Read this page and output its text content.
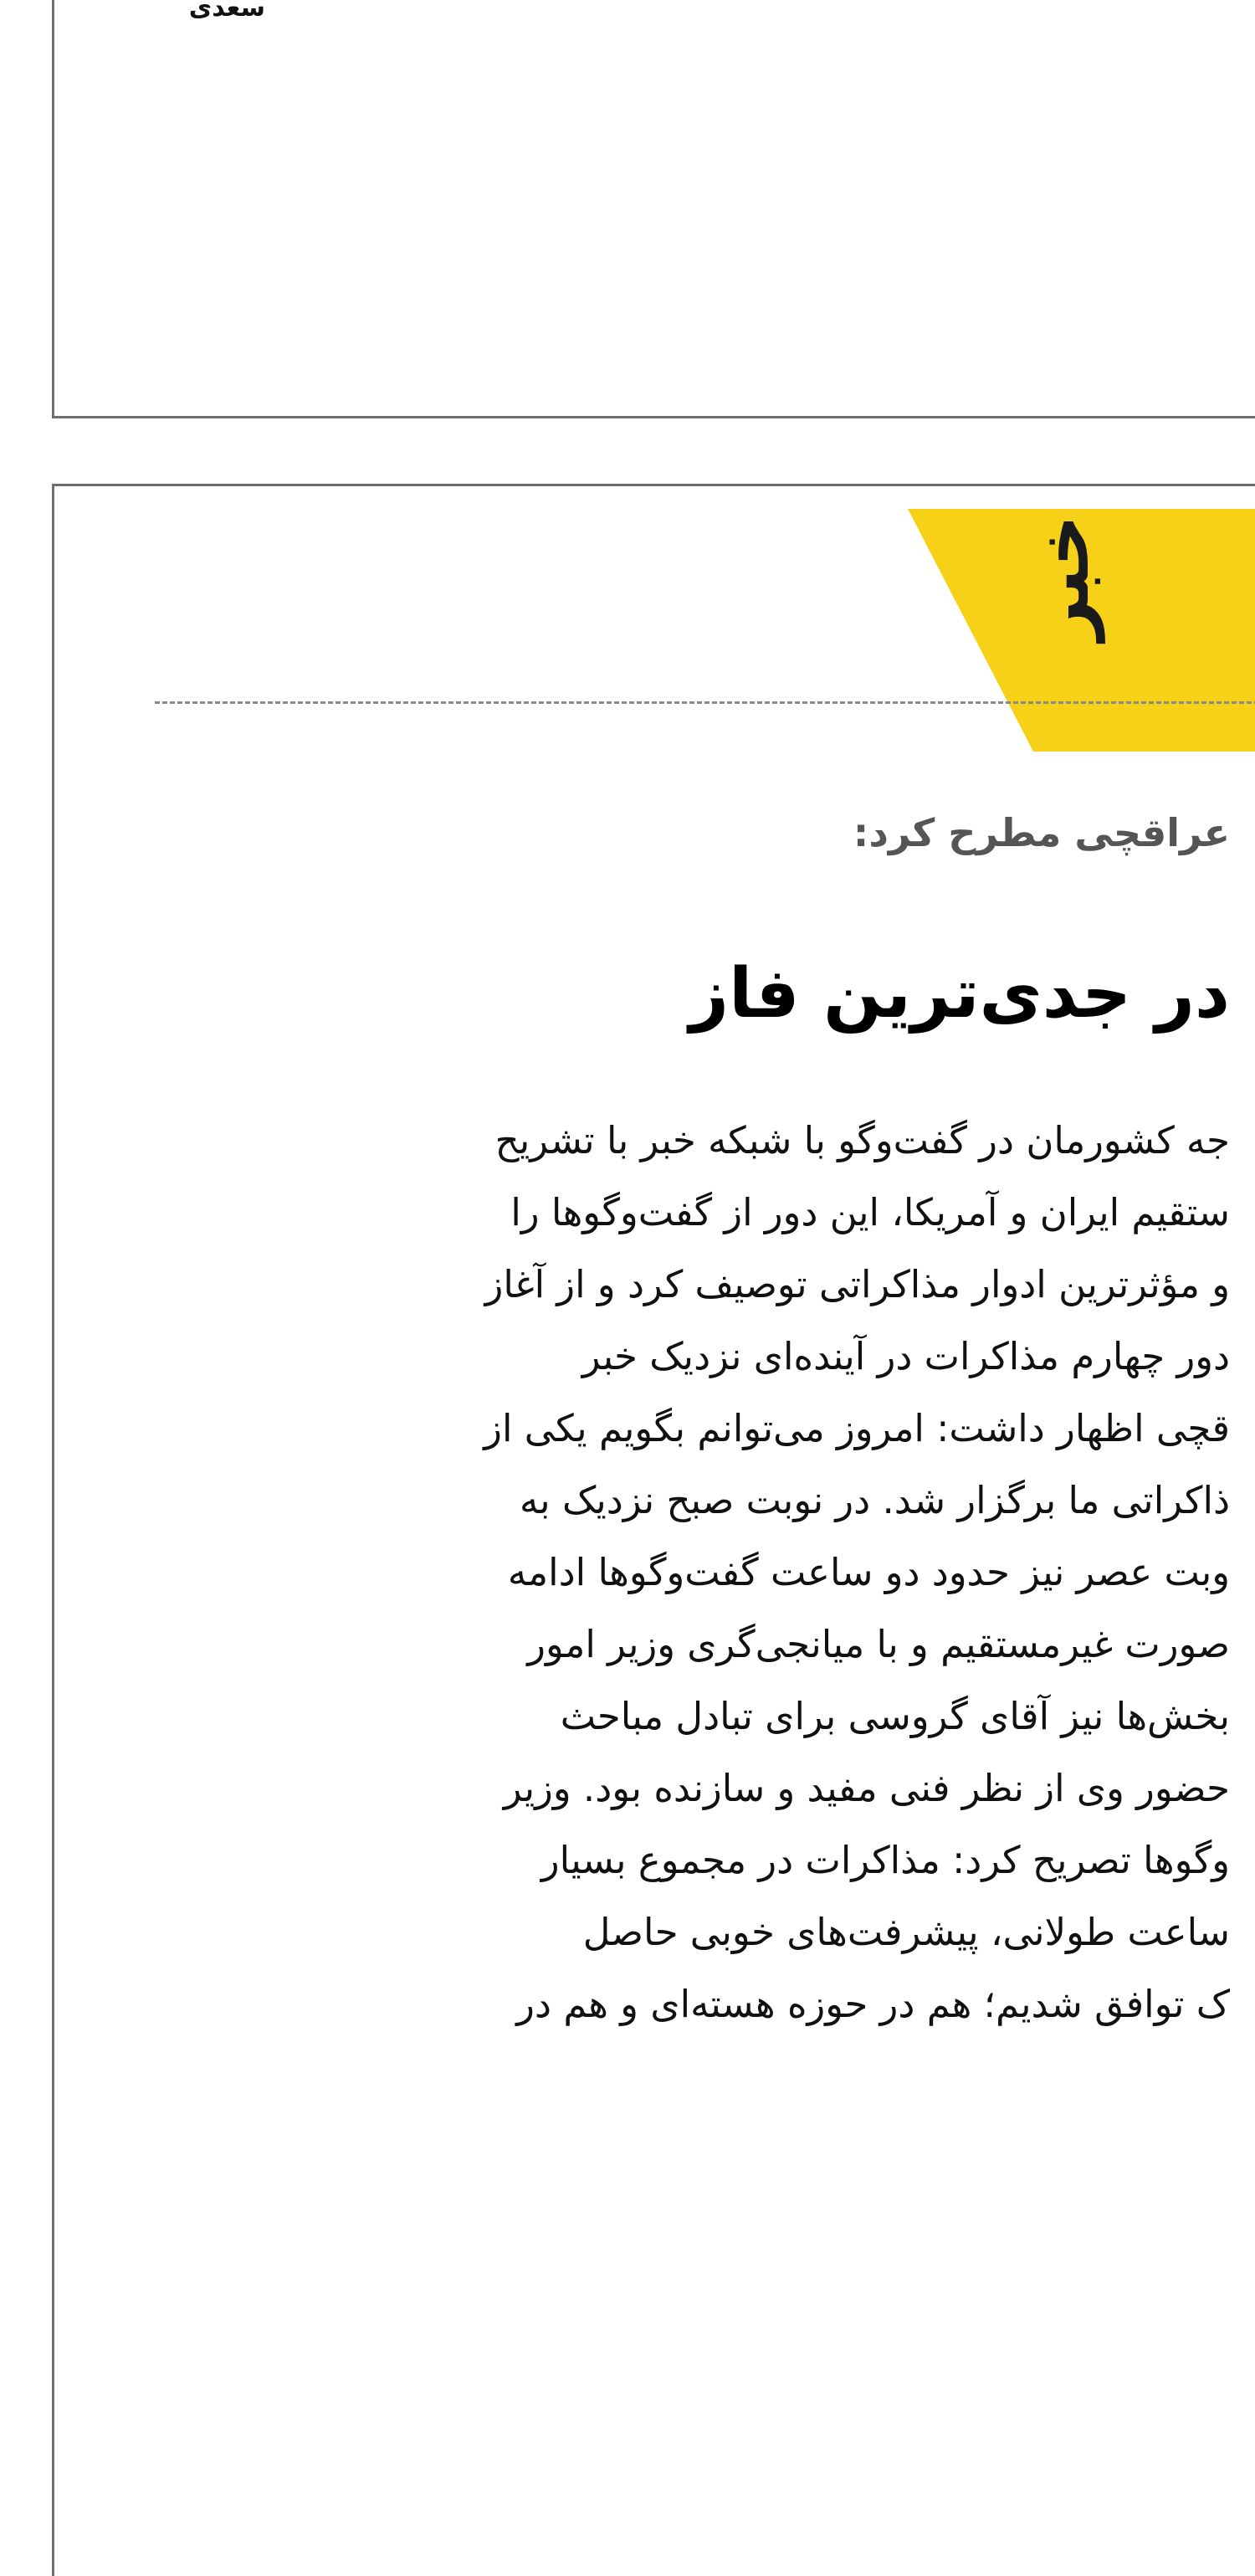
سعدی
خبر
عراقچی مطرح کرد:
در جدی‌ترین فاز
جه کشورمان در گفت‌وگو با شبکه خبر با تشریح
ستقیم ایران و آمریکا، این دور از گفت‌وگوها را
و مؤثرترین ادوار مذاکراتی توصیف کرد و از آغاز
دور چهارم مذاکرات در آینده‌ای نزدیک خبر
قچی اظهار داشت: امروز می‌توانم بگویم یکی از
ذاکراتی ما برگزار شد. در نوبت صبح نزدیک به
وبت عصر نیز حدود دو ساعت گفت‌وگوها ادامه
صورت غیرمستقیم و با میانجی‌گری وزیر امور
بخش‌ها نیز آقای گروسی برای تبادل مباحث
حضور وی از نظر فنی مفید و سازنده بود. وزیر
وگوها تصریح کرد: مذاکرات در مجموع بسیار
ساعت طولانی، پیشرفت‌های خوبی حاصل
ک توافق شدیم؛ هم در حوزه هسته‌ای و هم در
